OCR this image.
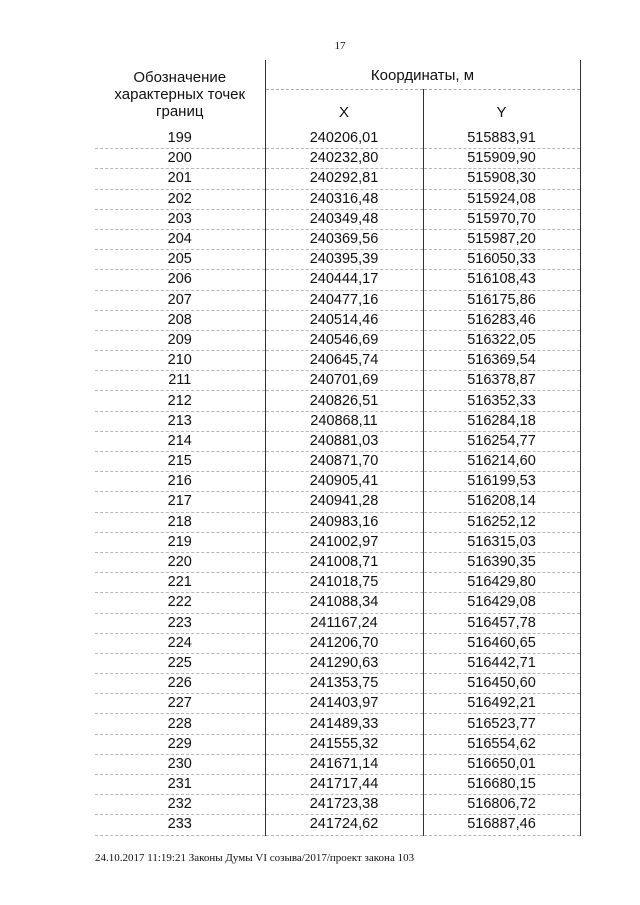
17
Обозначение характерных точек границ	Координаты, м	
	X	Y
199	240206,01	515883,91
200	240232,80	515909,90
201	240292,81	515908,30
202	240316,48	515924,08
203	240349,48	515970,70
204	240369,56	515987,20
205	240395,39	516050,33
206	240444,17	516108,43
207	240477,16	516175,86
208	240514,46	516283,46
209	240546,69	516322,05
210	240645,74	516369,54
211	240701,69	516378,87
212	240826,51	516352,33
213	240868,11	516284,18
214	240881,03	516254,77
215	240871,70	516214,60
216	240905,41	516199,53
217	240941,28	516208,14
218	240983,16	516252,12
219	241002,97	516315,03
220	241008,71	516390,35
221	241018,75	516429,80
222	241088,34	516429,08
223	241167,24	516457,78
224	241206,70	516460,65
225	241290,63	516442,71
226	241353,75	516450,60
227	241403,97	516492,21
228	241489,33	516523,77
229	241555,32	516554,62
230	241671,14	516650,01
231	241717,44	516680,15
232	241723,38	516806,72
233	241724,62	516887,46
24.10.2017 11:19:21 Законы Думы VI созыва/2017/проект закона 103
